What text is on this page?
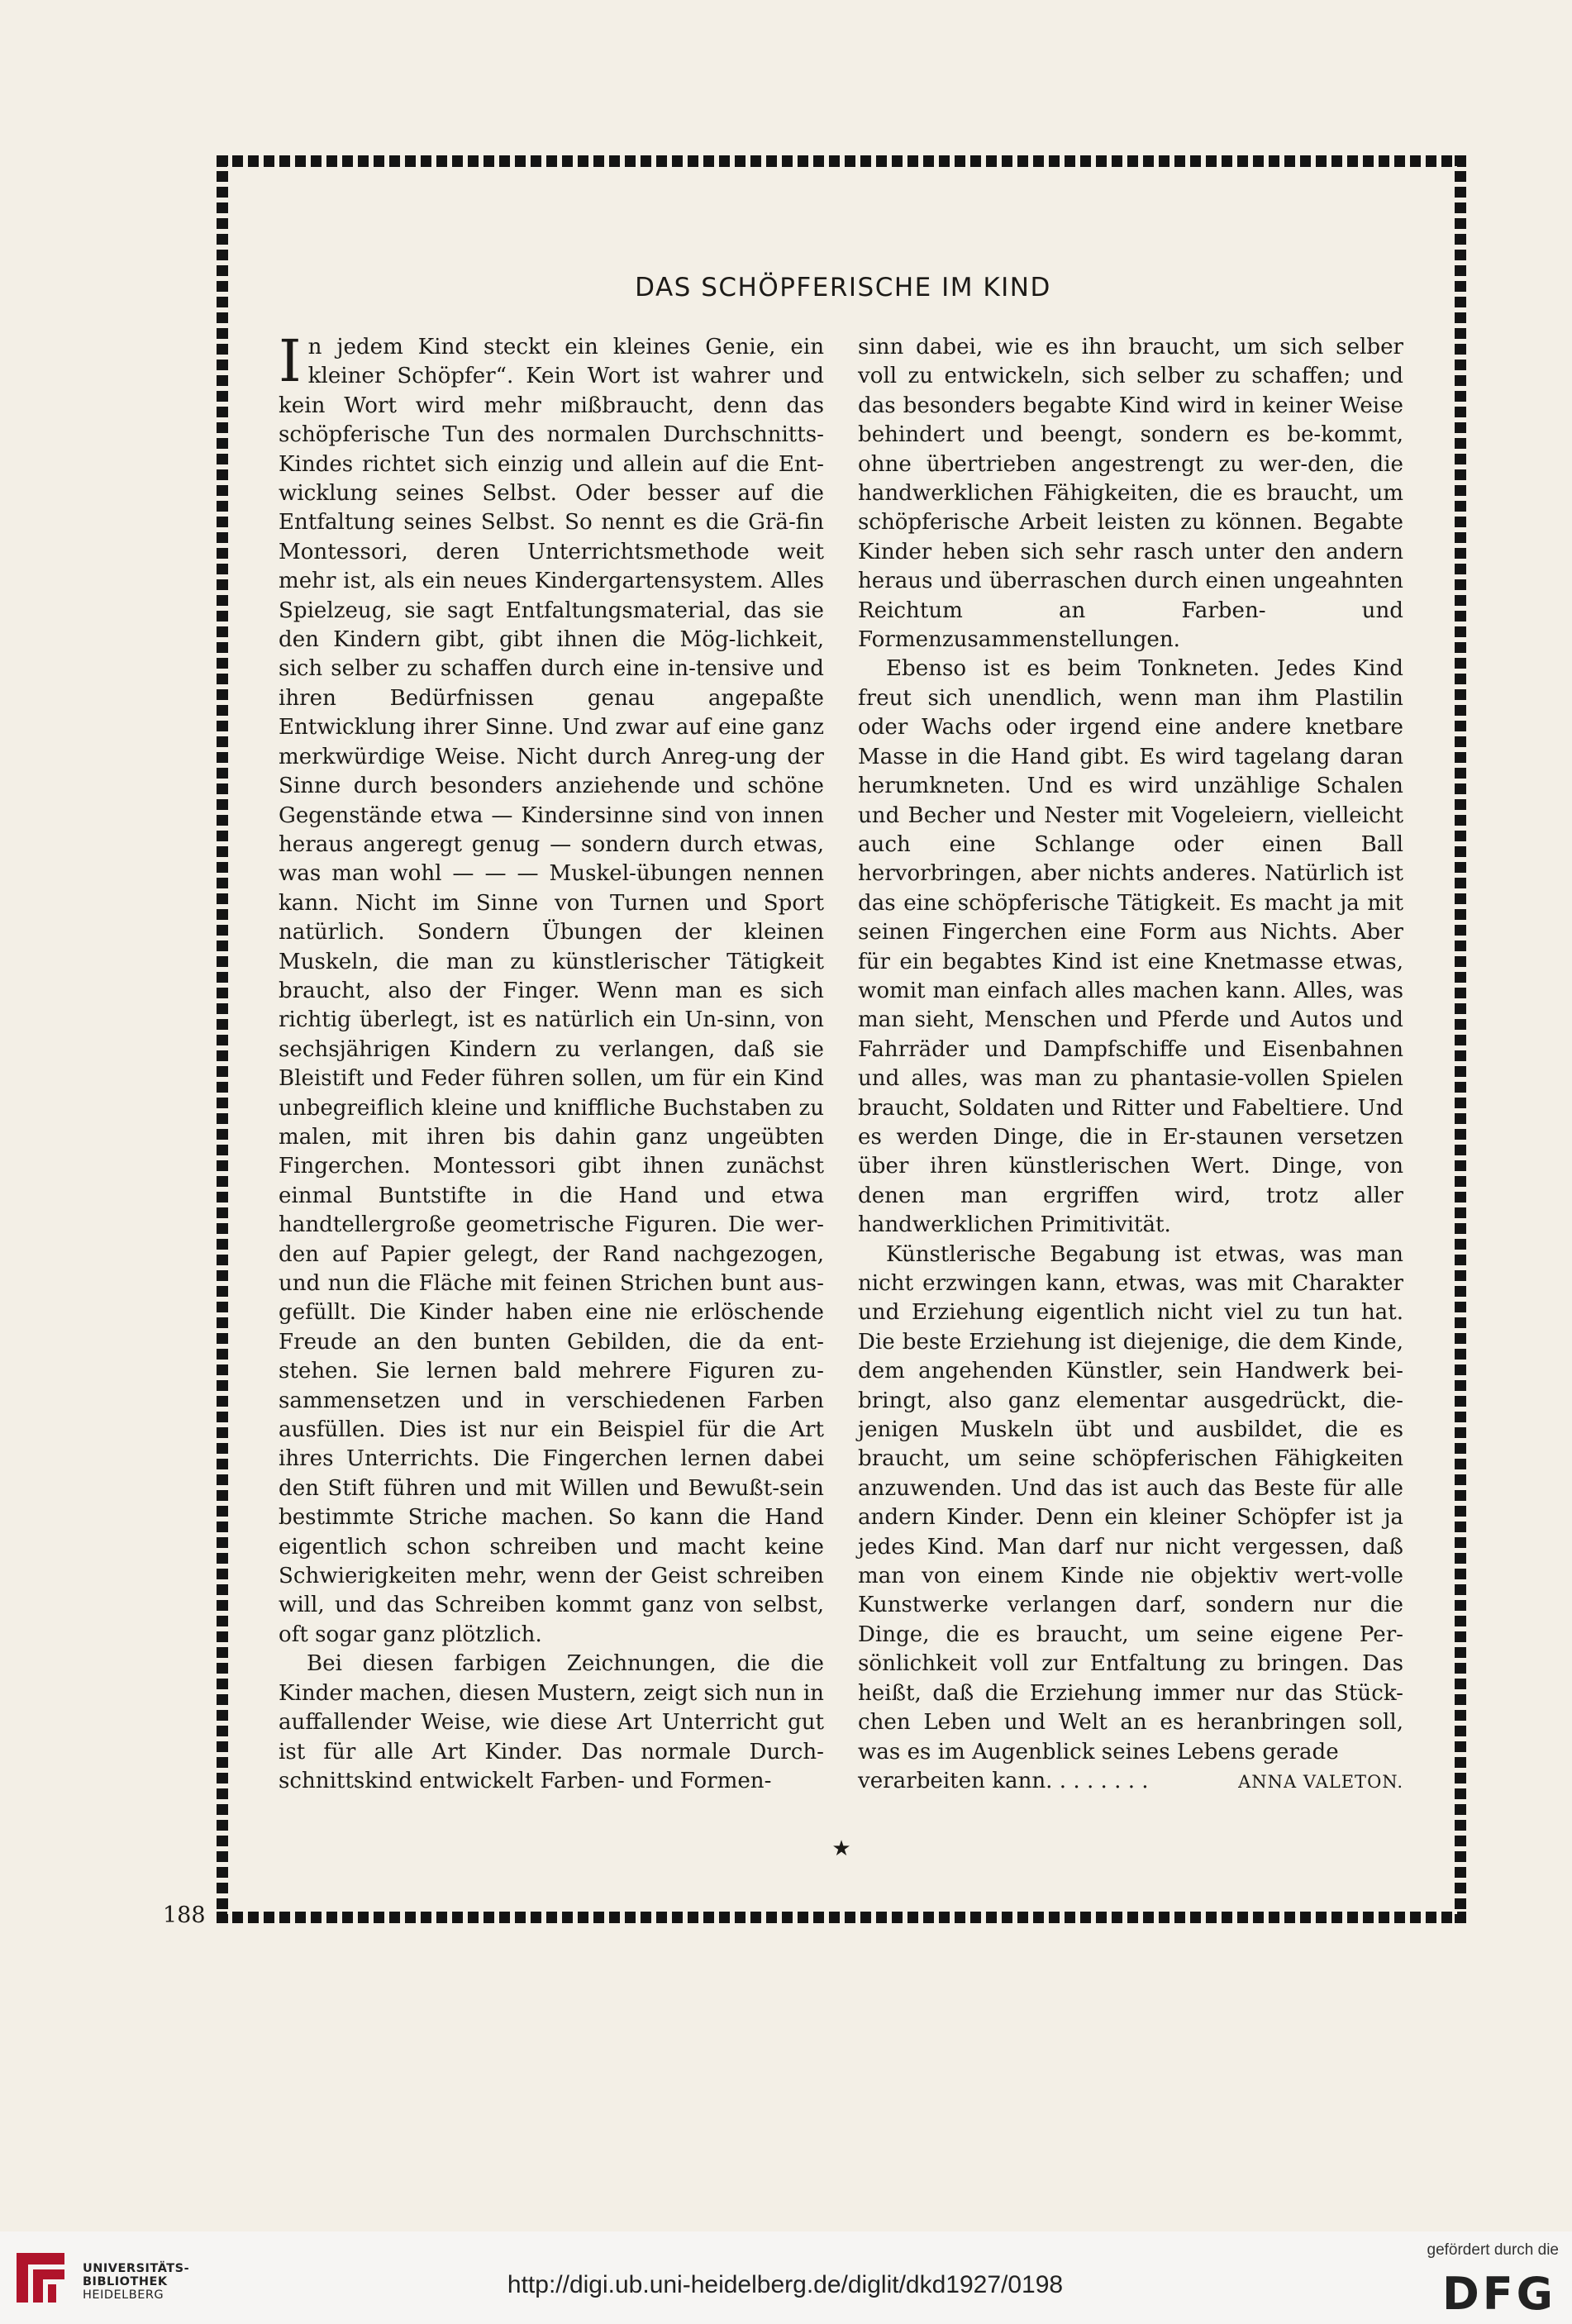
DAS SCHÖPFERISCHE IM KIND

In jedem Kind steckt ein kleines Genie, ein kleiner Schöpfer“. Kein Wort ist wahrer und kein Wort wird mehr mißbraucht, denn das schöpferische Tun des normalen Durchschnitts-Kindes richtet sich einzig und allein auf die Ent-wicklung seines Selbst. Oder besser auf die Entfaltung seines Selbst. So nennt es die Grä-fin Montessori, deren Unterrichtsmethode weit mehr ist, als ein neues Kindergartensystem. Alles Spielzeug, sie sagt Entfaltungsmaterial, das sie den Kindern gibt, gibt ihnen die Mög-lichkeit, sich selber zu schaffen durch eine in-tensive und ihren Bedürfnissen genau angepaßte Entwicklung ihrer Sinne. Und zwar auf eine ganz merkwürdige Weise. Nicht durch Anreg-ung der Sinne durch besonders anziehende und schöne Gegenstände etwa — Kindersinne sind von innen heraus angeregt genug — sondern durch etwas, was man wohl — — — Muskel-übungen nennen kann. Nicht im Sinne von Turnen und Sport natürlich. Sondern Übungen der kleinen Muskeln, die man zu künstlerischer Tätigkeit braucht, also der Finger. Wenn man es sich richtig überlegt, ist es natürlich ein Un-sinn, von sechsjährigen Kindern zu verlangen, daß sie Bleistift und Feder führen sollen, um für ein Kind unbegreiflich kleine und kniffliche Buchstaben zu malen, mit ihren bis dahin ganz ungeübten Fingerchen. Montessori gibt ihnen zunächst einmal Buntstifte in die Hand und etwa handtellergroße geometrische Figuren. Die wer-den auf Papier gelegt, der Rand nachgezogen, und nun die Fläche mit feinen Strichen bunt aus-gefüllt. Die Kinder haben eine nie erlöschende Freude an den bunten Gebilden, die da ent-stehen. Sie lernen bald mehrere Figuren zu-sammensetzen und in verschiedenen Farben ausfüllen. Dies ist nur ein Beispiel für die Art ihres Unterrichts. Die Fingerchen lernen dabei den Stift führen und mit Willen und Bewußt-sein bestimmte Striche machen. So kann die Hand eigentlich schon schreiben und macht keine Schwierigkeiten mehr, wenn der Geist schreiben will, und das Schreiben kommt ganz von selbst, oft sogar ganz plötzlich.

Bei diesen farbigen Zeichnungen, die die Kinder machen, diesen Mustern, zeigt sich nun in auffallender Weise, wie diese Art Unterricht gut ist für alle Art Kinder. Das normale Durch-schnittskind entwickelt Farben- und Formen-

sinn dabei, wie es ihn braucht, um sich selber voll zu entwickeln, sich selber zu schaffen; und das besonders begabte Kind wird in keiner Weise behindert und beengt, sondern es be-kommt, ohne übertrieben angestrengt zu wer-den, die handwerklichen Fähigkeiten, die es braucht, um schöpferische Arbeit leisten zu können. Begabte Kinder heben sich sehr rasch unter den andern heraus und überraschen durch einen ungeahnten Reichtum an Farben- und Formenzusammenstellungen.

Ebenso ist es beim Tonkneten. Jedes Kind freut sich unendlich, wenn man ihm Plastilin oder Wachs oder irgend eine andere knetbare Masse in die Hand gibt. Es wird tagelang daran herumkneten. Und es wird unzählige Schalen und Becher und Nester mit Vogeleiern, vielleicht auch eine Schlange oder einen Ball hervorbringen, aber nichts anderes. Natürlich ist das eine schöpferische Tätigkeit. Es macht ja mit seinen Fingerchen eine Form aus Nichts. Aber für ein begabtes Kind ist eine Knetmasse etwas, womit man einfach alles machen kann. Alles, was man sieht, Menschen und Pferde und Autos und Fahrräder und Dampfschiffe und Eisenbahnen und alles, was man zu phantasie-vollen Spielen braucht, Soldaten und Ritter und Fabeltiere. Und es werden Dinge, die in Er-staunen versetzen über ihren künstlerischen Wert. Dinge, von denen man ergriffen wird, trotz aller handwerklichen Primitivität.

Künstlerische Begabung ist etwas, was man nicht erzwingen kann, etwas, was mit Charakter und Erziehung eigentlich nicht viel zu tun hat. Die beste Erziehung ist diejenige, die dem Kinde, dem angehenden Künstler, sein Handwerk bei-bringt, also ganz elementar ausgedrückt, die-jenigen Muskeln übt und ausbildet, die es braucht, um seine schöpferischen Fähigkeiten anzuwenden. Und das ist auch das Beste für alle andern Kinder. Denn ein kleiner Schöpfer ist ja jedes Kind. Man darf nur nicht vergessen, daß man von einem Kinde nie objektiv wert-volle Kunstwerke verlangen darf, sondern nur die Dinge, die es braucht, um seine eigene Per-sönlichkeit voll zur Entfaltung zu bringen. Das heißt, daß die Erziehung immer nur das Stück-chen Leben und Welt an es heranbringen soll, was es im Augenblick seines Lebens gerade

verarbeiten kann. . . . . . . .	ANNA VALETON.
★
188
UNIVERSITÄTS-
BIBLIOTHEK
HEIDELBERG	http://digi.ub.uni-heidelberg.de/diglit/dkd1927/0198
gefördert durch die
DFG
